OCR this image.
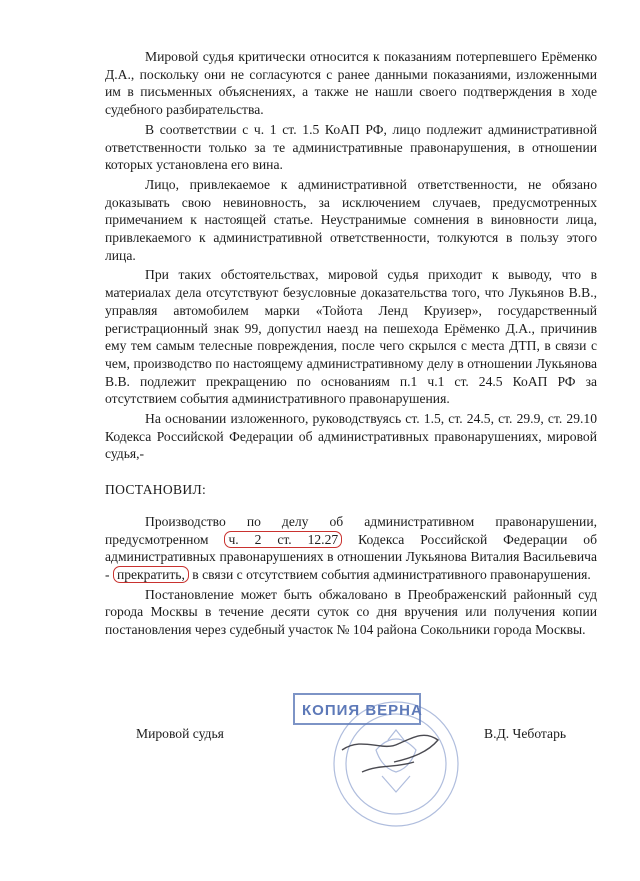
Мировой судья критически относится к показаниям потерпевшего Ерёменко Д.А., поскольку они не согласуются с ранее данными показаниями, изложенными им в письменных объяснениях, а также не нашли своего подтверждения в ходе судебного разбирательства.

В соответствии с ч. 1 ст. 1.5 КоАП РФ, лицо подлежит административной ответственности только за те административные правонарушения, в отношении которых установлена его вина.

Лицо, привлекаемое к административной ответственности, не обязано доказывать свою невиновность, за исключением случаев, предусмотренных примечанием к настоящей статье. Неустранимые сомнения в виновности лица, привлекаемого к административной ответственности, толкуются в пользу этого лица.

При таких обстоятельствах, мировой судья приходит к выводу, что в материалах дела отсутствуют безусловные доказательства того, что Лукьянов В.В., управляя автомобилем марки «Тойота Ленд Круизер», государственный регистрационный знак 99, допустил наезд на пешехода Ерёменко Д.А., причинив ему тем самым телесные повреждения, после чего скрылся с места ДТП, в связи с чем, производство по настоящему административному делу в отношении Лукьянова В.В. подлежит прекращению по основаниям п.1 ч.1 ст. 24.5 КоАП РФ за отсутствием события административного правонарушения.

На основании изложенного, руководствуясь ст. 1.5, ст. 24.5, ст. 29.9, ст. 29.10 Кодекса Российской Федерации об административных правонарушениях, мировой судья,-

ПОСТАНОВИЛ:

Производство по делу об административном правонарушении, предусмотренном ч. 2 ст. 12.27 Кодекса Российской Федерации об административных правонарушениях в отношении Лукьянова Виталия Васильевича - прекратить, в связи с отсутствием события административного правонарушения.

Постановление может быть обжаловано в Преображенский районный суд города Москвы в течение десяти суток со дня вручения или получения копии постановления через судебный участок № 104 района Сокольники города Москвы.

КОПИЯ ВЕРНА
Мировой судья	В.Д. Чеботарь
